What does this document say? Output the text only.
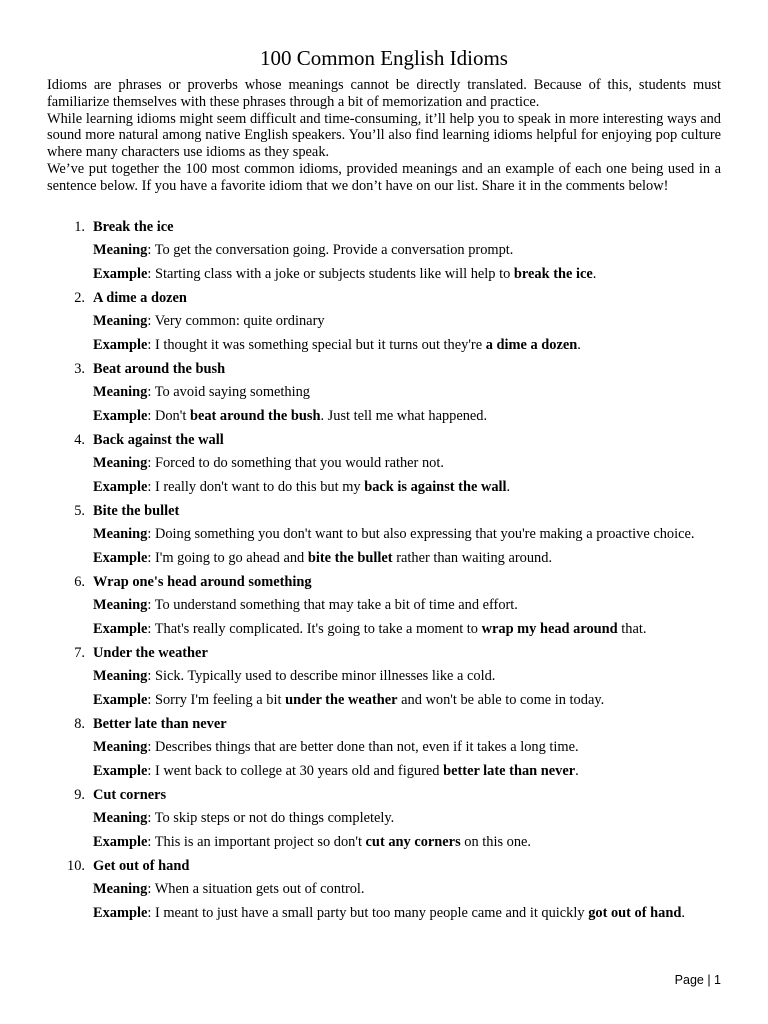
100 Common English Idioms

Idioms are phrases or proverbs whose meanings cannot be directly translated. Because of this, students must familiarize themselves with these phrases through a bit of memorization and practice.

While learning idioms might seem difficult and time-consuming, it’ll help you to speak in more interesting ways and sound more natural among native English speakers. You’ll also find learning idioms helpful for enjoying pop culture where many characters use idioms as they speak.

We’ve put together the 100 most common idioms, provided meanings and an example of each one being used in a sentence below. If you have a favorite idiom that we don’t have on our list. Share it in the comments below!

1. Break the ice
Meaning: To get the conversation going. Provide a conversation prompt.
Example: Starting class with a joke or subjects students like will help to break the ice.
2. A dime a dozen
Meaning: Very common: quite ordinary
Example: I thought it was something special but it turns out they're a dime a dozen.
3. Beat around the bush
Meaning: To avoid saying something
Example: Don't beat around the bush. Just tell me what happened.
4. Back against the wall
Meaning: Forced to do something that you would rather not.
Example: I really don't want to do this but my back is against the wall.
5. Bite the bullet
Meaning: Doing something you don't want to but also expressing that you're making a proactive choice.
Example: I'm going to go ahead and bite the bullet rather than waiting around.
6. Wrap one's head around something
Meaning: To understand something that may take a bit of time and effort.
Example: That's really complicated. It's going to take a moment to wrap my head around that.
7. Under the weather
Meaning: Sick. Typically used to describe minor illnesses like a cold.
Example: Sorry I'm feeling a bit under the weather and won't be able to come in today.
8. Better late than never
Meaning: Describes things that are better done than not, even if it takes a long time.
Example: I went back to college at 30 years old and figured better late than never.
9. Cut corners
Meaning: To skip steps or not do things completely.
Example: This is an important project so don't cut any corners on this one.
10. Get out of hand
Meaning: When a situation gets out of control.
Example: I meant to just have a small party but too many people came and it quickly got out of hand.
Page | 1
